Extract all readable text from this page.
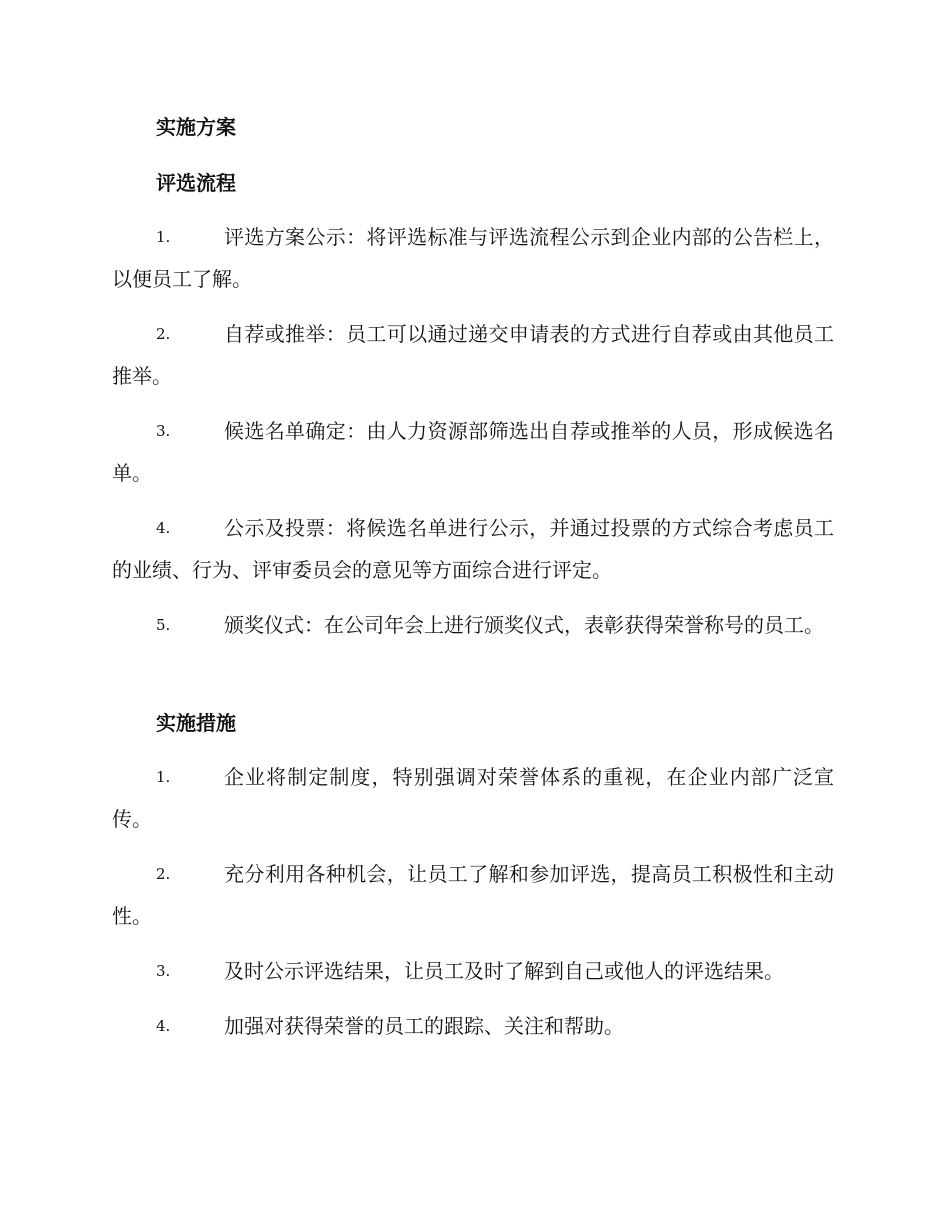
实施方案
评选流程
1.	评选方案公示：将评选标准与评选流程公示到企业内部的公告栏上，以便员工了解。
2.	自荐或推举：员工可以通过递交申请表的方式进行自荐或由其他员工推举。
3.	候选名单确定：由人力资源部筛选出自荐或推举的人员，形成候选名单。
4.	公示及投票：将候选名单进行公示，并通过投票的方式综合考虑员工的业绩、行为、评审委员会的意见等方面综合进行评定。
5.	颁奖仪式：在公司年会上进行颁奖仪式，表彰获得荣誉称号的员工。
实施措施
1.	企业将制定制度，特别强调对荣誉体系的重视，在企业内部广泛宣传。
2.	充分利用各种机会，让员工了解和参加评选，提高员工积极性和主动性。
3.	及时公示评选结果，让员工及时了解到自己或他人的评选结果。
4.	加强对获得荣誉的员工的跟踪、关注和帮助。
